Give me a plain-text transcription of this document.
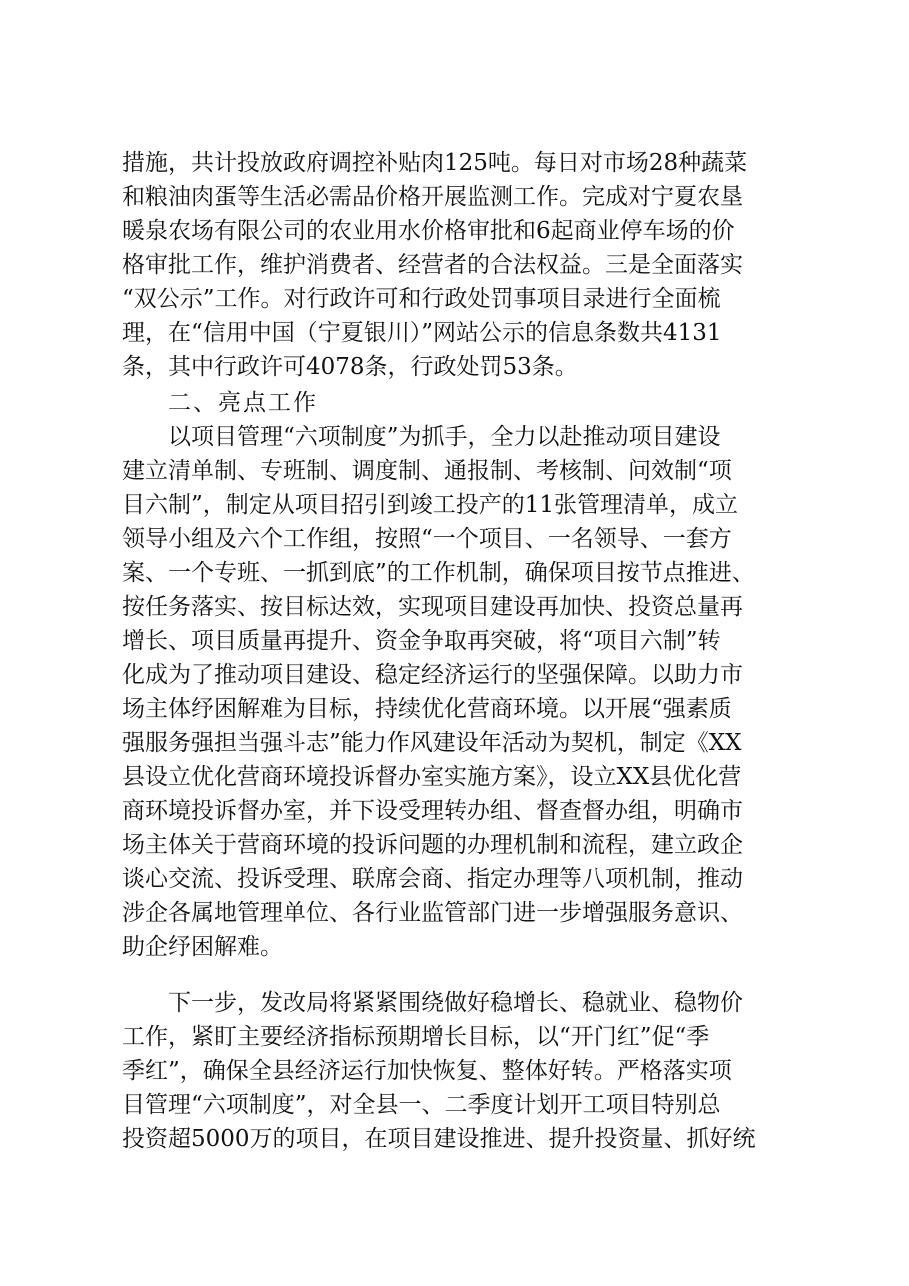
措施，共计投放政府调控补贴肉125吨。每日对市场28种蔬菜
和粮油肉蛋等生活必需品价格开展监测工作。完成对宁夏农垦
暖泉农场有限公司的农业用水价格审批和6起商业停车场的价
格审批工作，维护消费者、经营者的合法权益。三是全面落实
“双公示”工作。对行政许可和行政处罚事项目录进行全面梳
理，在“信用中国（宁夏银川）”网站公示的信息条数共4131
条，其中行政许可4078条，行政处罚53条。
二、亮点工作
以项目管理“六项制度”为抓手，全力以赴推动项目建设
建立清单制、专班制、调度制、通报制、考核制、问效制“项
目六制”，制定从项目招引到竣工投产的11张管理清单，成立
领导小组及六个工作组，按照“一个项目、一名领导、一套方
案、一个专班、一抓到底”的工作机制，确保项目按节点推进、
按任务落实、按目标达效，实现项目建设再加快、投资总量再
增长、项目质量再提升、资金争取再突破，将“项目六制”转
化成为了推动项目建设、稳定经济运行的坚强保障。以助力市
场主体纾困解难为目标，持续优化营商环境。以开展“强素质
强服务强担当强斗志”能力作风建设年活动为契机，制定《XX
县设立优化营商环境投诉督办室实施方案》，设立XX县优化营
商环境投诉督办室，并下设受理转办组、督查督办组，明确市
场主体关于营商环境的投诉问题的办理机制和流程，建立政企
谈心交流、投诉受理、联席会商、指定办理等八项机制，推动
涉企各属地管理单位、各行业监管部门进一步增强服务意识、
助企纾困解难。
下一步，发改局将紧紧围绕做好稳增长、稳就业、稳物价
工作，紧盯主要经济指标预期增长目标，以“开门红”促“季
季红”，确保全县经济运行加快恢复、整体好转。严格落实项
目管理“六项制度”，对全县一、二季度计划开工项目特别总
投资超5000万的项目，在项目建设推进、提升投资量、抓好统
